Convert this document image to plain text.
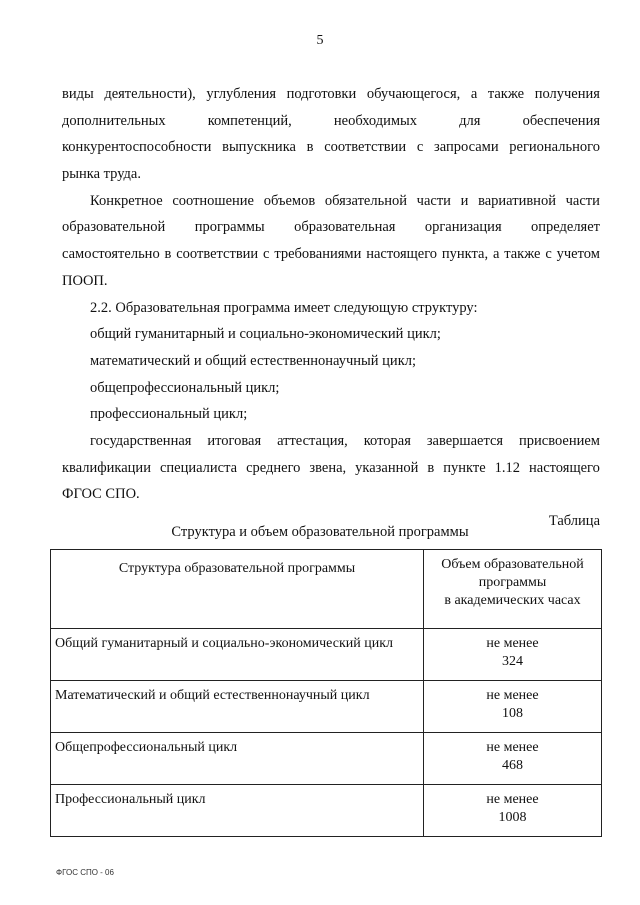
5
виды деятельности), углубления подготовки обучающегося, а также получения
дополнительных	компетенций,	необходимых	для	обеспечения
конкурентоспособности выпускника в соответствии с запросами регионального
рынка труда.
Конкретное соотношение объемов обязательной части и вариативной части
образовательной программы образовательная организация определяет
самостоятельно в соответствии с требованиями настоящего пункта, а также с учетом
ПООП.
2.2. Образовательная программа имеет следующую структуру:
общий гуманитарный и социально-экономический цикл;
математический и общий естественнонаучный цикл;
общепрофессиональный цикл;
профессиональный цикл;
государственная итоговая аттестация, которая завершается присвоением
квалификации специалиста среднего звена, указанной в пункте 1.12 настоящего
ФГОС СПО.
Таблица
Структура и объем образовательной программы
Структура образовательной программы	Объем образовательной
программы
в академических часах

Общий гуманитарный и социально-экономический цикл	не менее
324

Математический и общий естественнонаучный цикл	не менее
108

Общепрофессиональный цикл	не менее
468

Профессиональный цикл	не менее
1008
ФГОС СПО - 06
